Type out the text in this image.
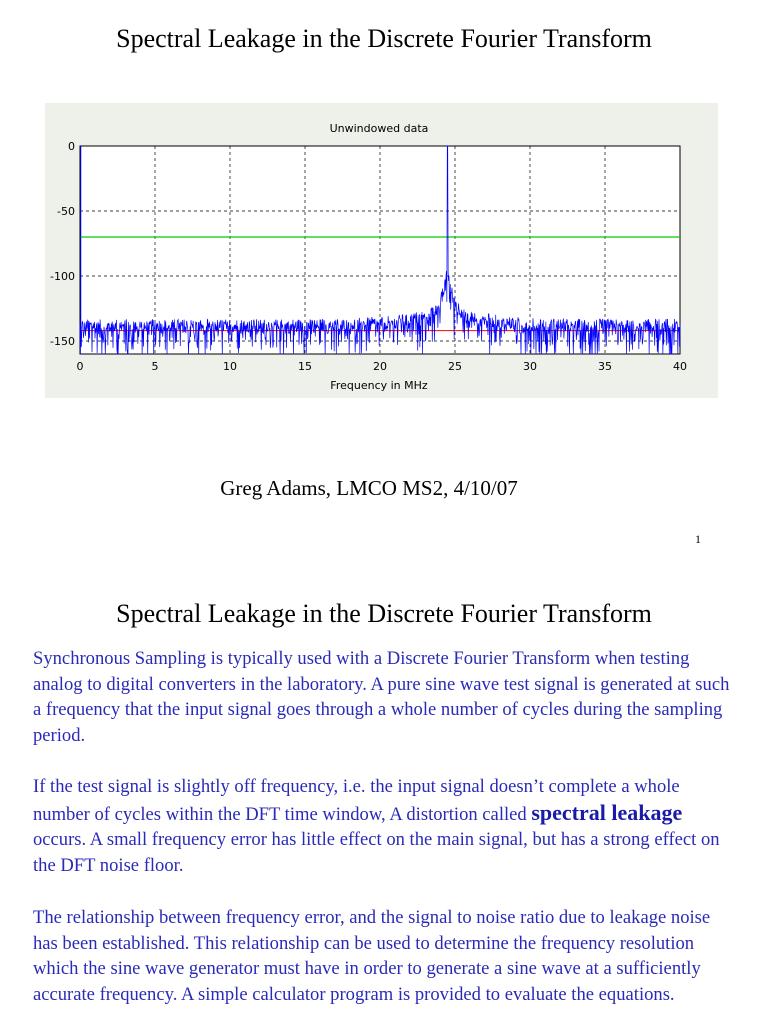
Spectral Leakage in the Discrete Fourier Transform
Unwindowed data
0	5	10	15	20	25	30	35	40
0
-50
-100
-150
Frequency in MHz
Greg Adams, LMCO MS2, 4/10/07
1
Spectral Leakage in the Discrete Fourier Transform

Synchronous Sampling is typically used with a Discrete Fourier Transform when testing analog to digital converters in the laboratory. A pure sine wave test signal is generated at such a frequency that the input signal goes through a whole number of cycles during the sampling period.

If the test signal is slightly off frequency, i.e. the input signal doesn’t complete a whole number of cycles within the DFT time window, A distortion called spectral leakage occurs. A small frequency error has little effect on the main signal, but has a strong effect on the DFT noise floor.

The relationship between frequency error, and the signal to noise ratio due to leakage noise has been established. This relationship can be used to determine the frequency resolution which the sine wave generator must have in order to generate a sine wave at a sufficiently accurate frequency. A simple calculator program is provided to evaluate the equations.
